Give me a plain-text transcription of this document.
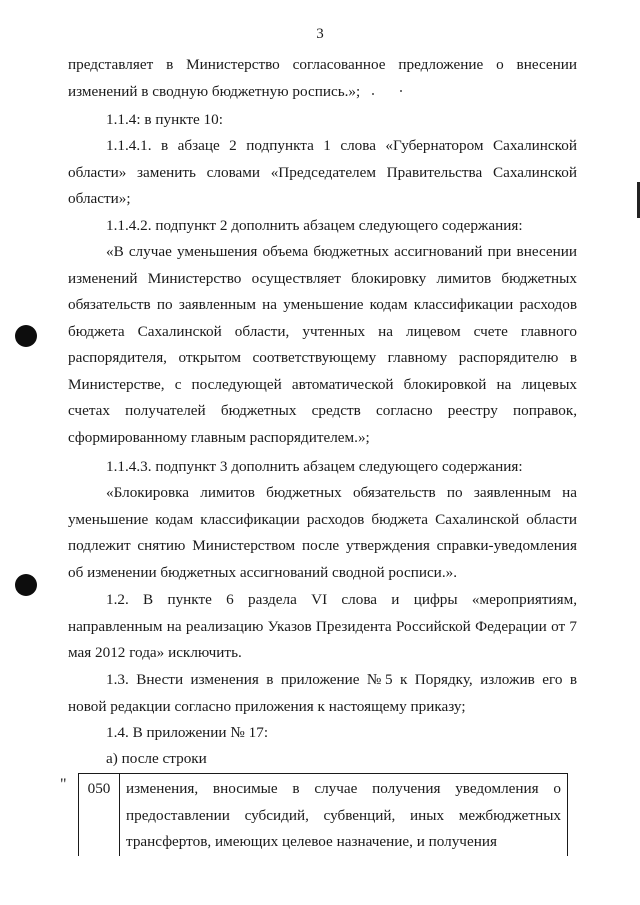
3

представляет в Министерство согласованное предложение о внесении изменений в сводную бюджетную роспись.»;

1.1.4: в пункте 10:

1.1.4.1. в абзаце 2 подпункта 1 слова «Губернатором Сахалинской области» заменить словами «Председателем Правительства Сахалинской области»;

1.1.4.2. подпункт 2 дополнить абзацем следующего содержания:

«В случае уменьшения объема бюджетных ассигнований при внесении изменений Министерство осуществляет блокировку лимитов бюджетных обязательств по заявленным на уменьшение кодам классификации расходов бюджета Сахалинской области, учтенных на лицевом счете главного распорядителя, открытом соответствующему главному распорядителю в Министерстве, с последующей автоматической блокировкой на лицевых счетах получателей бюджетных средств согласно реестру поправок, сформированному главным распорядителем.»;

1.1.4.3. подпункт 3 дополнить абзацем следующего содержания:

«Блокировка лимитов бюджетных обязательств по заявленным на уменьшение кодам классификации расходов бюджета Сахалинской области подлежит снятию Министерством после утверждения справки-уведомления об изменении бюджетных ассигнований сводной росписи.».

1.2. В пункте 6 раздела VI слова и цифры «мероприятиям, направленным на реализацию Указов Президента Российской Федерации от 7 мая 2012 года» исключить.

1.3. Внести изменения в приложение №5 к Порядку, изложив его в новой редакции согласно приложения к настоящему приказу;

1.4. В приложении № 17:

а) после строки

" 050	изменения, вносимые в случае получения уведомления о предоставлении субсидий, субвенций, иных межбюджетных трансфертов, имеющих целевое назначение, и получения
